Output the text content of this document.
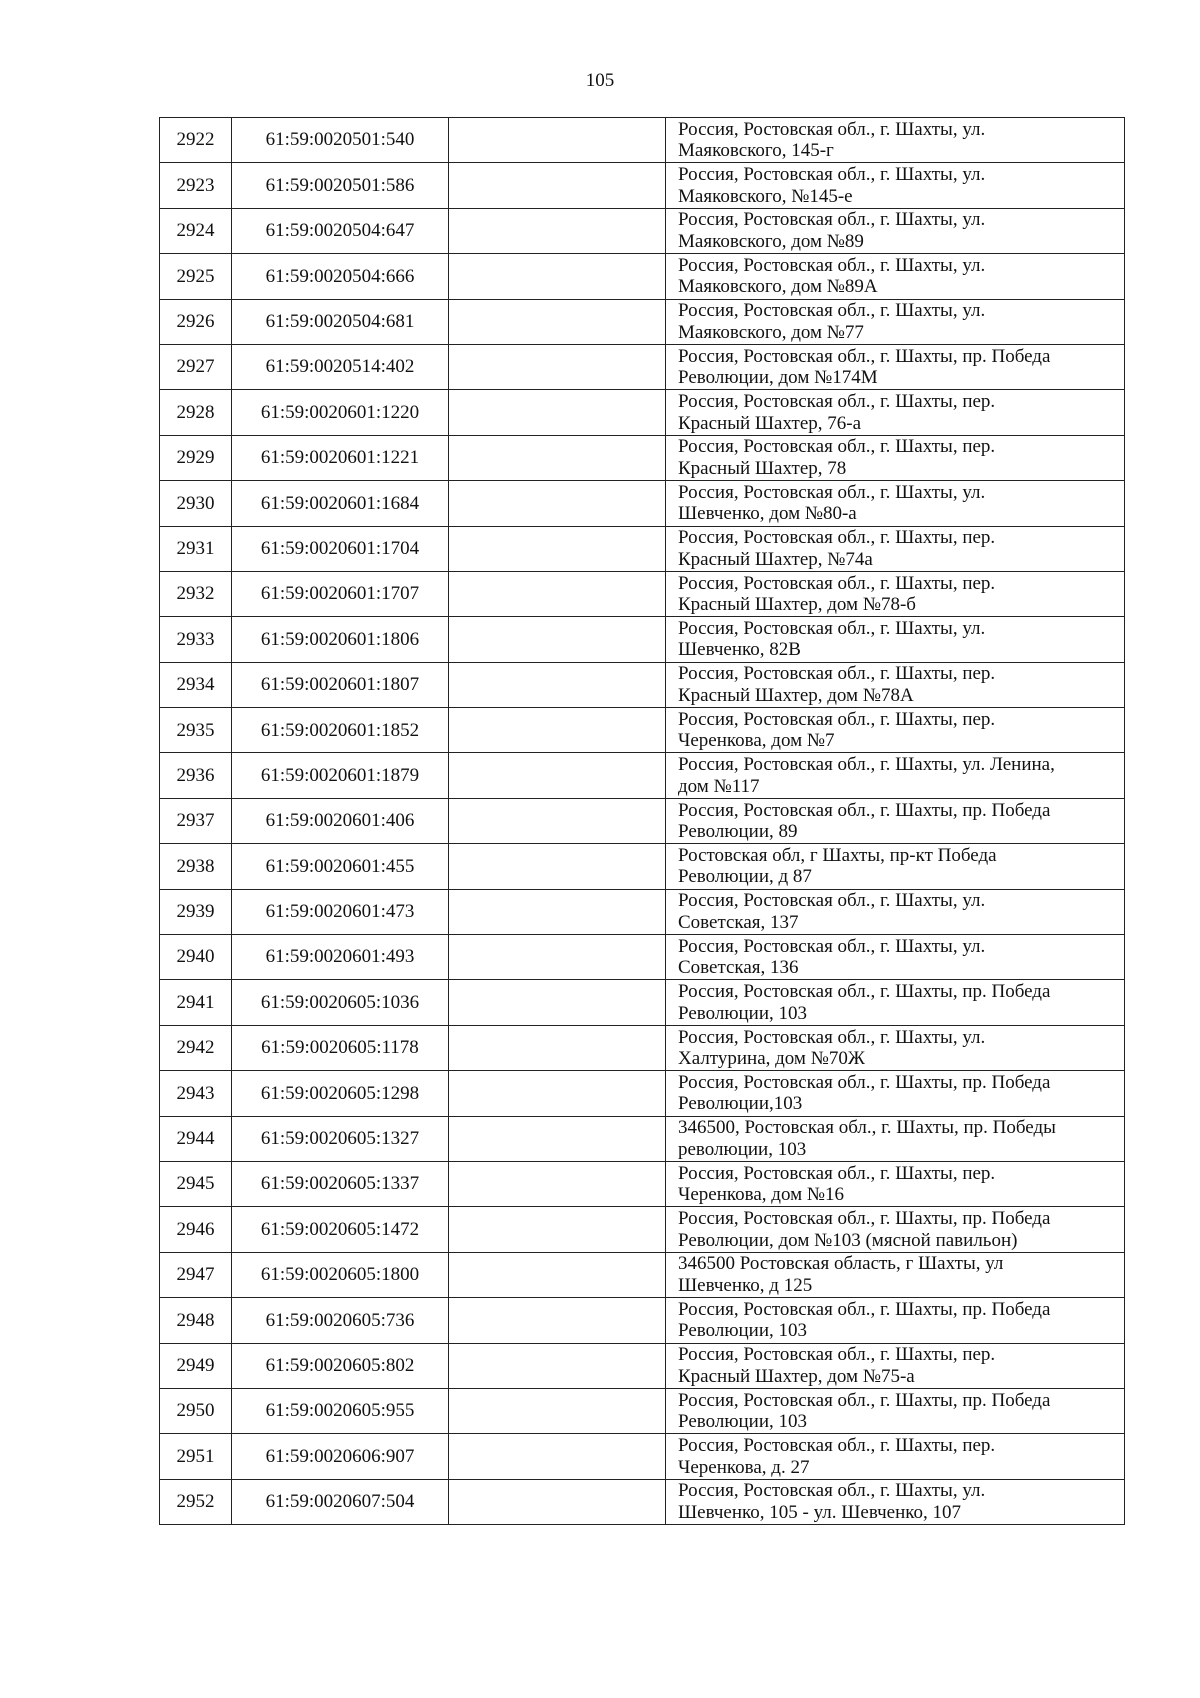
105
2922	61:59:0020501:540		Россия, Ростовская обл., г. Шахты, ул.
Маяковского, 145-г

2923	61:59:0020501:586		Россия, Ростовская обл., г. Шахты, ул.
Маяковского, №145-е

2924	61:59:0020504:647		Россия, Ростовская обл., г. Шахты, ул.
Маяковского, дом №89

2925	61:59:0020504:666		Россия, Ростовская обл., г. Шахты, ул.
Маяковского, дом №89А

2926	61:59:0020504:681		Россия, Ростовская обл., г. Шахты, ул.
Маяковского, дом №77

2927	61:59:0020514:402		Россия, Ростовская обл., г. Шахты, пр. Победа
Революции, дом №174М

2928	61:59:0020601:1220		Россия, Ростовская обл., г. Шахты, пер.
Красный Шахтер, 76-а

2929	61:59:0020601:1221		Россия, Ростовская обл., г. Шахты, пер.
Красный Шахтер, 78

2930	61:59:0020601:1684		Россия, Ростовская обл., г. Шахты, ул.
Шевченко, дом №80-а

2931	61:59:0020601:1704		Россия, Ростовская обл., г. Шахты, пер.
Красный Шахтер, №74а

2932	61:59:0020601:1707		Россия, Ростовская обл., г. Шахты, пер.
Красный Шахтер, дом №78-б

2933	61:59:0020601:1806		Россия, Ростовская обл., г. Шахты, ул.
Шевченко, 82В

2934	61:59:0020601:1807		Россия, Ростовская обл., г. Шахты, пер.
Красный Шахтер, дом №78А

2935	61:59:0020601:1852		Россия, Ростовская обл., г. Шахты, пер.
Черенкова, дом №7

2936	61:59:0020601:1879		Россия, Ростовская обл., г. Шахты, ул. Ленина,
дом №117

2937	61:59:0020601:406		Россия, Ростовская обл., г. Шахты, пр. Победа
Революции, 89

2938	61:59:0020601:455		Ростовская обл, г Шахты, пр-кт Победа
Революции, д 87

2939	61:59:0020601:473		Россия, Ростовская обл., г. Шахты, ул.
Советская, 137

2940	61:59:0020601:493		Россия, Ростовская обл., г. Шахты, ул.
Советская, 136

2941	61:59:0020605:1036		Россия, Ростовская обл., г. Шахты, пр. Победа
Революции, 103

2942	61:59:0020605:1178		Россия, Ростовская обл., г. Шахты, ул.
Халтурина, дом №70Ж

2943	61:59:0020605:1298		Россия, Ростовская обл., г. Шахты, пр. Победа
Революции,103

2944	61:59:0020605:1327		346500, Ростовская обл., г. Шахты, пр. Победы
революции, 103

2945	61:59:0020605:1337		Россия, Ростовская обл., г. Шахты, пер.
Черенкова, дом №16

2946	61:59:0020605:1472		Россия, Ростовская обл., г. Шахты, пр. Победа
Революции, дом №103 (мясной павильон)

2947	61:59:0020605:1800		346500 Ростовская область, г Шахты, ул
Шевченко, д 125

2948	61:59:0020605:736		Россия, Ростовская обл., г. Шахты, пр. Победа
Революции, 103

2949	61:59:0020605:802		Россия, Ростовская обл., г. Шахты, пер.
Красный Шахтер, дом №75-а

2950	61:59:0020605:955		Россия, Ростовская обл., г. Шахты, пр. Победа
Революции, 103

2951	61:59:0020606:907		Россия, Ростовская обл., г. Шахты, пер.
Черенкова, д. 27

2952	61:59:0020607:504		Россия, Ростовская обл., г. Шахты, ул.
Шевченко, 105 - ул. Шевченко, 107
